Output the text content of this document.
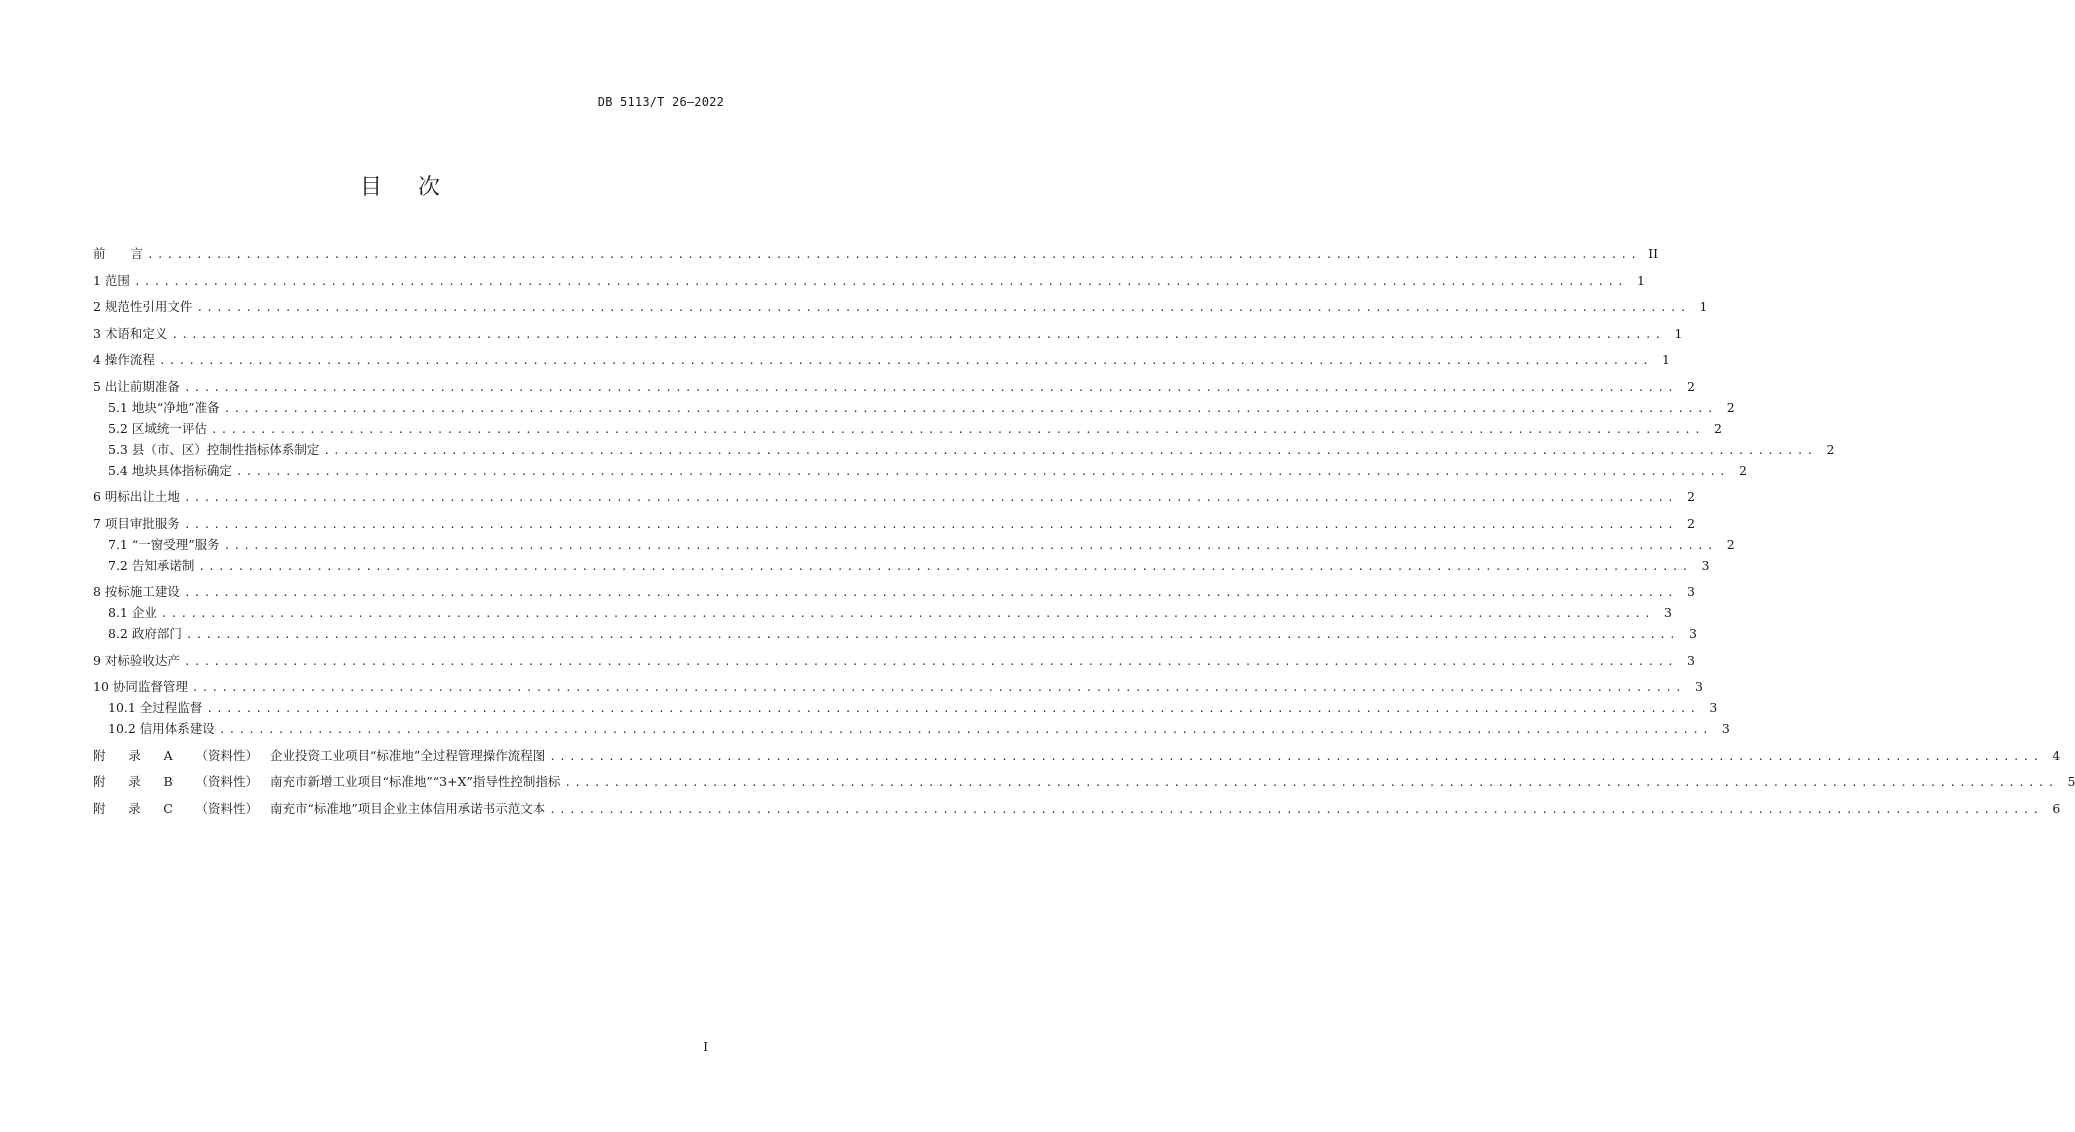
DB 5113/T 26—2022
目 次
前　　言 ........................................................................................................................................................ II
1 范围 ........................................................................................................................................................ 1
2 规范性引用文件 ........................................................................................................................................................ 1
3 术语和定义 ........................................................................................................................................................ 1
4 操作流程 ........................................................................................................................................................ 1
5 出让前期准备 ........................................................................................................................................................ 2
5.1 地块“净地”准备 ........................................................................................................................................................ 2
5.2 区域统一评估 ........................................................................................................................................................ 2
5.3 县（市、区）控制性指标体系制定 ........................................................................................................................................................ 2
5.4 地块具体指标确定 ........................................................................................................................................................ 2
6 明标出让土地 ........................................................................................................................................................ 2
7 项目审批服务 ........................................................................................................................................................ 2
7.1 “一窗受理”服务 ........................................................................................................................................................ 2
7.2 告知承诺制 ........................................................................................................................................................ 3
8 按标施工建设 ........................................................................................................................................................ 3
8.1 企业 ........................................................................................................................................................ 3
8.2 政府部门 ........................................................................................................................................................ 3
9 对标验收达产 ........................................................................................................................................................ 3
10 协同监督管理 ........................................................................................................................................................ 3
10.1 全过程监督 ........................................................................................................................................................ 3
10.2 信用体系建设 ........................................................................................................................................................ 3
附 录 A （资料性） 企业投资工业项目“标准地”全过程管理操作流程图 ........................................................................................................................................................ 4
附 录 B （资料性） 南充市新增工业项目“标准地”“3+X”指导性控制指标 ........................................................................................................................................................ 5
附 录 C （资料性） 南充市“标准地”项目企业主体信用承诺书示范文本 ........................................................................................................................................................ 6
I
